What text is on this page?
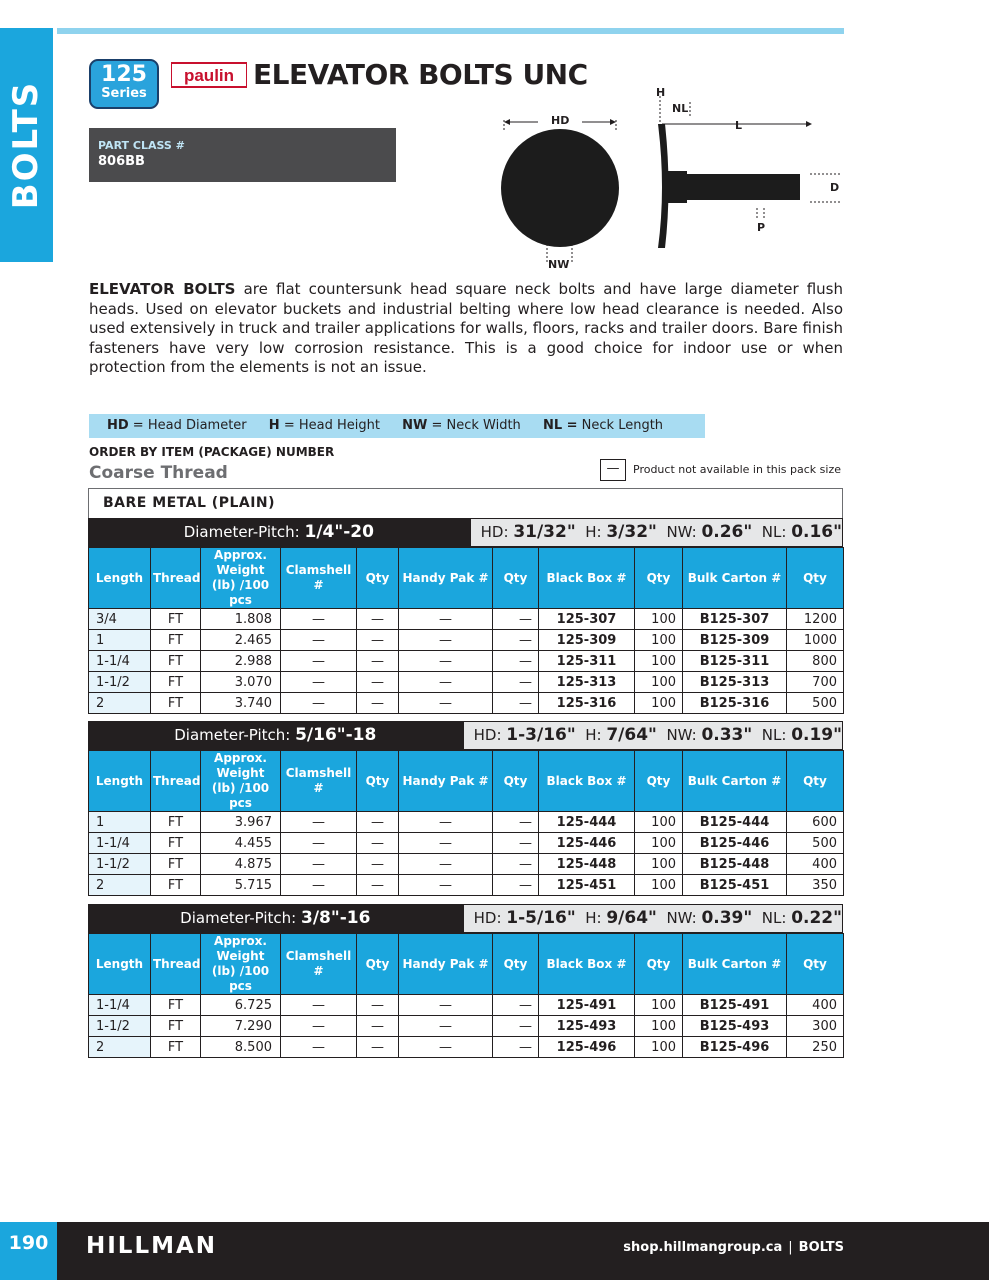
BOLTS
125
Series
paulin ELEVATOR BOLTS UNC
PART CLASS #
806BB
HD
H
NL
L
D
P
NW

ELEVATOR BOLTS are flat countersunk head square neck bolts and have large diameter flush heads. Used on elevator buckets and industrial belting where low head clearance is needed. Also used extensively in truck and trailer applications for walls, floors, racks and trailer doors. Bare finish fasteners have very low corrosion resistance. This is a good choice for indoor use or when protection from the elements is not an issue.

HD = Head Diameter H = Head Height NW = Neck Width NL = Neck Length
ORDER BY ITEM (PACKAGE) NUMBER
Coarse Thread	—	Product not available in this pack size
BARE METAL (PLAIN)
Diameter-Pitch: 1/4"-20	HD: 31/32"  H: 3/32"  NW: 0.26"  NL: 0.16"
Length	Thread	Approx. Weight (lb) /100 pcs	Clamshell #	Qty	Handy Pak #	Qty	Black Box #	Qty	Bulk Carton #	Qty
3/4	FT	1.808	—	—	—	—	125-307	100	B125-307	1200
1	FT	2.465	—	—	—	—	125-309	100	B125-309	1000
1-1/4	FT	2.988	—	—	—	—	125-311	100	B125-311	800
1-1/2	FT	3.070	—	—	—	—	125-313	100	B125-313	700
2	FT	3.740	—	—	—	—	125-316	100	B125-316	500
Diameter-Pitch: 5/16"-18	HD: 1-3/16"  H: 7/64"  NW: 0.33"  NL: 0.19"
Length	Thread	Approx. Weight (lb) /100 pcs	Clamshell #	Qty	Handy Pak #	Qty	Black Box #	Qty	Bulk Carton #	Qty
1	FT	3.967	—	—	—	—	125-444	100	B125-444	600
1-1/4	FT	4.455	—	—	—	—	125-446	100	B125-446	500
1-1/2	FT	4.875	—	—	—	—	125-448	100	B125-448	400
2	FT	5.715	—	—	—	—	125-451	100	B125-451	350
Diameter-Pitch: 3/8"-16	HD: 1-5/16"  H: 9/64"  NW: 0.39"  NL: 0.22"
Length	Thread	Approx. Weight (lb) /100 pcs	Clamshell #	Qty	Handy Pak #	Qty	Black Box #	Qty	Bulk Carton #	Qty
1-1/4	FT	6.725	—	—	—	—	125-491	100	B125-491	400
1-1/2	FT	7.290	—	—	—	—	125-493	100	B125-493	300
2	FT	8.500	—	—	—	—	125-496	100	B125-496	250
190	HILLMAN	shop.hillmangroup.ca | BOLTS
